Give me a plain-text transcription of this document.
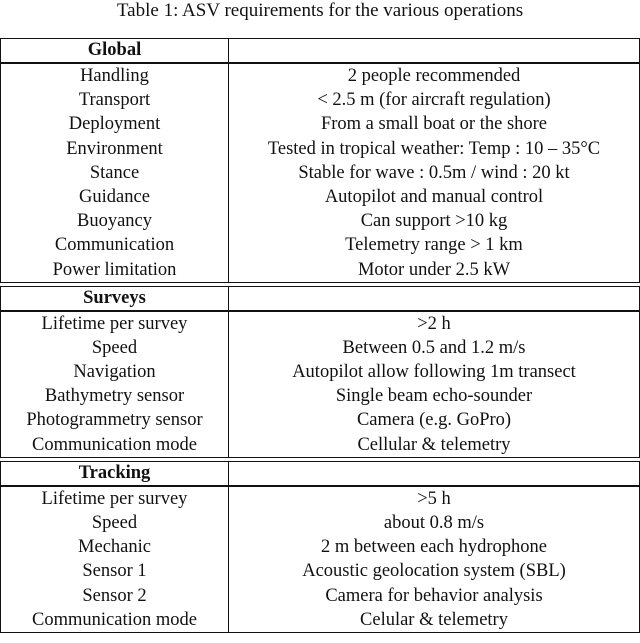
Table 1: ASV requirements for the various operations
Global
Handling	2 people recommended
Transport	< 2.5 m (for aircraft regulation)
Deployment	From a small boat or the shore
Environment	Tested in tropical weather: Temp : 10 – 35°C
Stance	Stable for wave : 0.5m / wind : 20 kt
Guidance	Autopilot and manual control
Buoyancy	Can support >10 kg
Communication	Telemetry range > 1 km
Power limitation	Motor under 2.5 kW
Surveys
Lifetime per survey	>2 h
Speed	Between 0.5 and 1.2 m/s
Navigation	Autopilot allow following 1m transect
Bathymetry sensor	Single beam echo-sounder
Photogrammetry sensor	Camera (e.g. GoPro)
Communication mode	Cellular & telemetry
Tracking
Lifetime per survey	>5 h
Speed	about 0.8 m/s
Mechanic	2 m between each hydrophone
Sensor 1	Acoustic geolocation system (SBL)
Sensor 2	Camera for behavior analysis
Communication mode	Celular & telemetry
